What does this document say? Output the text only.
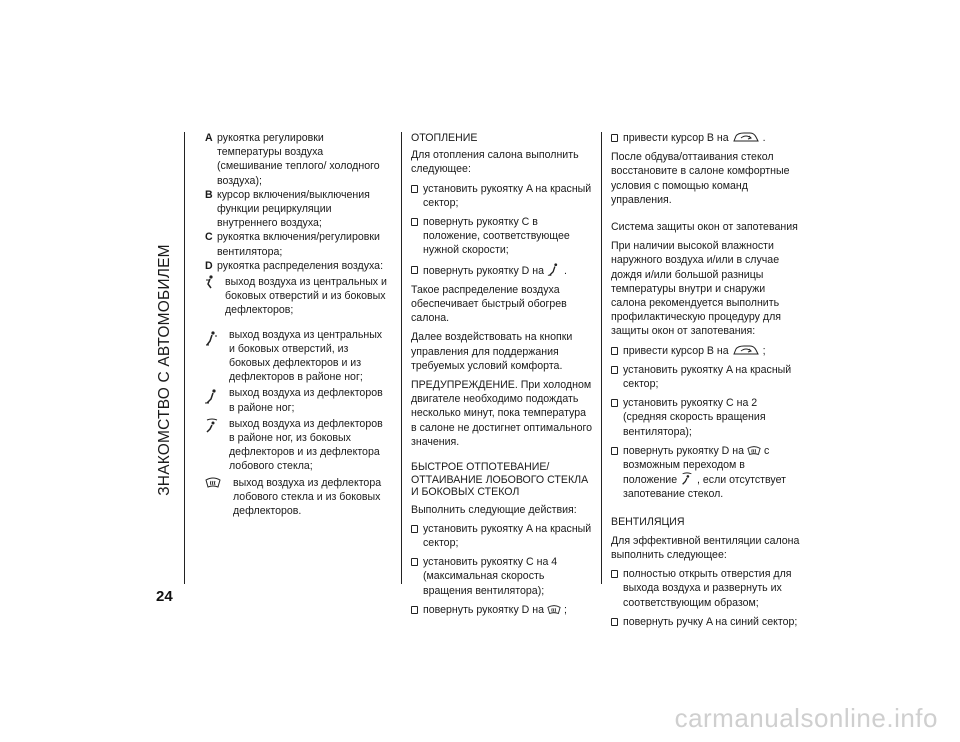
ЗНАКОМСТВО С АВТОМОБИЛЕМ
A рукоятка регулировки температуры воздуха (смешивание теплого/ холодного воздуха);
B курсор включения/выключения функции рециркуляции внутреннего воздуха;
C рукоятка включения/регулировки вентилятора;
D рукоятка распределения воздуха:
выход воздуха из центральных и боковых отверстий и из боковых дефлекторов;
выход воздуха из центральных и боковых отверстий, из боковых дефлекторов и из дефлекторов в районе ног;
выход воздуха из дефлекторов в районе ног;
выход воздуха из дефлекторов в районе ног, из боковых дефлекторов и из дефлектора лобового стекла;
выход воздуха из дефлектора лобового стекла и из боковых дефлекторов.

ОТОПЛЕНИЕ

Для отопления салона выполнить следующее:

установить рукоятку A на красный сектор;
повернуть рукоятку C в положение, соответствующее нужной скорости;
повернуть рукоятку D на .

Такое распределение воздуха обеспечивает быстрый обогрев салона.

Далее воздействовать на кнопки управления для поддержания требуемых условий комфорта.

ПРЕДУПРЕЖДЕНИЕ. При холодном двигателе необходимо подождать несколько минут, пока температура в салоне не достигнет оптимального значения.

БЫСТРОЕ ОТПОТЕВАНИЕ/ОТТАИВАНИЕ ЛОБОВОГО СТЕКЛА И БОКОВЫХ СТЕКОЛ

Выполнить следующие действия:

установить рукоятку A на красный сектор;
установить рукоятку C на 4 (максимальная скорость вращения вентилятора);
повернуть рукоятку D на ;
привести курсор B на	.

После обдува/оттаивания стекол восстановите в салоне комфортные условия с помощью команд управления.

Система защиты окон от запотевания

При наличии высокой влажности наружного воздуха и/или в случае дождя и/или большой разницы температуры внутри и снаружи салона рекомендуется выполнить профилактическую процедуру для защиты окон от запотевания:

привести курсор B на	;
установить рукоятку A на красный сектор;
установить рукоятку C на 2 (средняя скорость вращения вентилятора);
повернуть рукоятку D на с возможным переходом в положение , если отсутствует запотевание стекол.

ВЕНТИЛЯЦИЯ

Для эффективной вентиляции салона выполнить следующее:

полностью открыть отверстия для выхода воздуха и развернуть их соответствующим образом;
повернуть ручку A на синий сектор;
24
carmanualsonline.info
